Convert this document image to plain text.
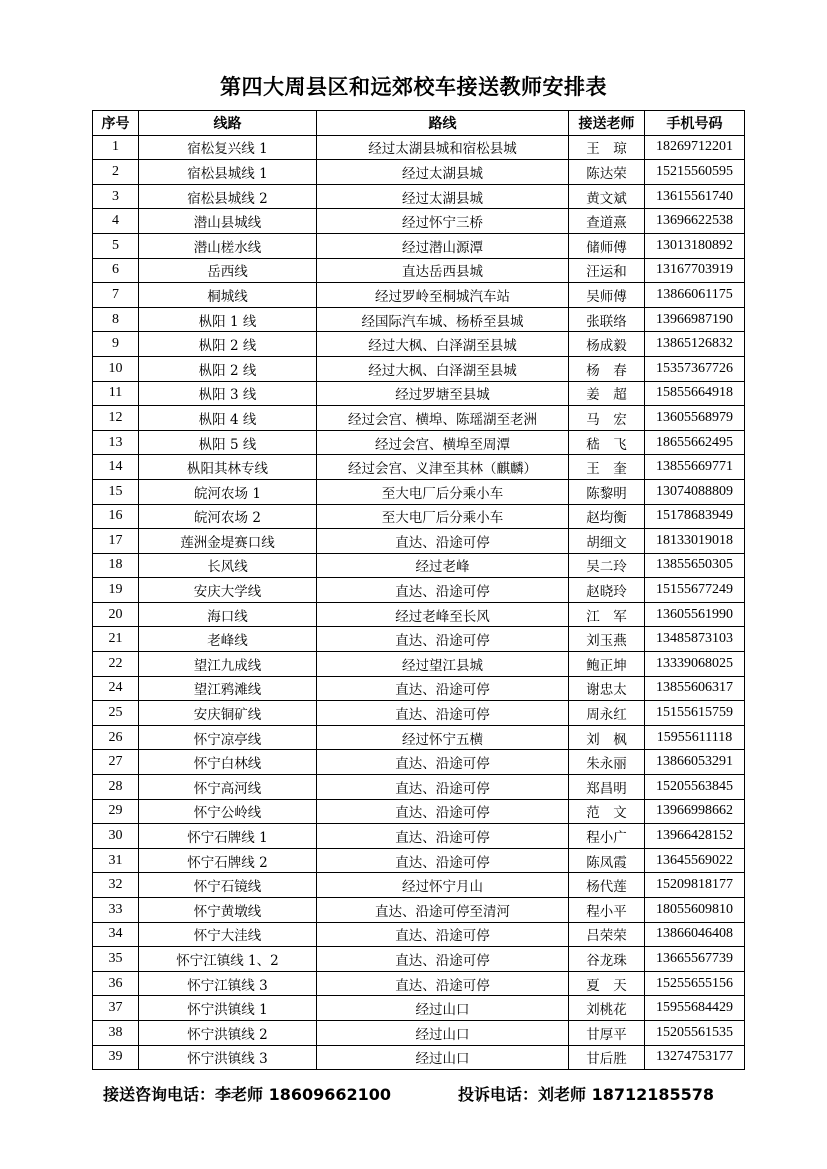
第四大周县区和远郊校车接送教师安排表
序号	线路	路线	接送老师	手机号码
1	宿松复兴线 1	经过太湖县城和宿松县城	王　琼	18269712201
2	宿松县城线 1	经过太湖县城	陈达荣	15215560595
3	宿松县城线 2	经过太湖县城	黄文斌	13615561740
4	潜山县城线	经过怀宁三桥	查道熹	13696622538
5	潜山槎水线	经过潜山源潭	储师傅	13013180892
6	岳西线	直达岳西县城	汪运和	13167703919
7	桐城线	经过罗岭至桐城汽车站	吴师傅	13866061175
8	枞阳 1 线	经国际汽车城、杨桥至县城	张联络	13966987190
9	枞阳 2 线	经过大枫、白泽湖至县城	杨成毅	13865126832
10	枞阳 2 线	经过大枫、白泽湖至县城	杨　春	15357367726
11	枞阳 3 线	经过罗塘至县城	姜　超	15855664918
12	枞阳 4 线	经过会宫、横埠、陈瑶湖至老洲	马　宏	13605568979
13	枞阳 5 线	经过会宫、横埠至周潭	嵇　飞	18655662495
14	枞阳其林专线	经过会宫、义津至其林（麒麟）	王　奎	13855669771
15	皖河农场 1	至大电厂后分乘小车	陈黎明	13074088809
16	皖河农场 2	至大电厂后分乘小车	赵均衡	15178683949
17	莲洲金堤赛口线	直达、沿途可停	胡细文	18133019018
18	长风线	经过老峰	吴二玲	13855650305
19	安庆大学线	直达、沿途可停	赵晓玲	15155677249
20	海口线	经过老峰至长风	江　军	13605561990
21	老峰线	直达、沿途可停	刘玉燕	13485873103
22	望江九成线	经过望江县城	鲍正坤	13339068025
24	望江鸦滩线	直达、沿途可停	谢忠太	13855606317
25	安庆铜矿线	直达、沿途可停	周永红	15155615759
26	怀宁凉亭线	经过怀宁五横	刘　枫	15955611118
27	怀宁白林线	直达、沿途可停	朱永丽	13866053291
28	怀宁高河线	直达、沿途可停	郑昌明	15205563845
29	怀宁公岭线	直达、沿途可停	范　文	13966998662
30	怀宁石牌线 1	直达、沿途可停	程小广	13966428152
31	怀宁石牌线 2	直达、沿途可停	陈凤霞	13645569022
32	怀宁石镜线	经过怀宁月山	杨代莲	15209818177
33	怀宁黄墩线	直达、沿途可停至清河	程小平	18055609810
34	怀宁大洼线	直达、沿途可停	吕荣荣	13866046408
35	怀宁江镇线 1、2	直达、沿途可停	谷龙珠	13665567739
36	怀宁江镇线 3	直达、沿途可停	夏　天	15255655156
37	怀宁洪镇线 1	经过山口	刘桃花	15955684429
38	怀宁洪镇线 2	经过山口	甘厚平	15205561535
39	怀宁洪镇线 3	经过山口	甘后胜	13274753177
接送咨询电话：李老师 18609662100	投诉电话：刘老师 18712185578
